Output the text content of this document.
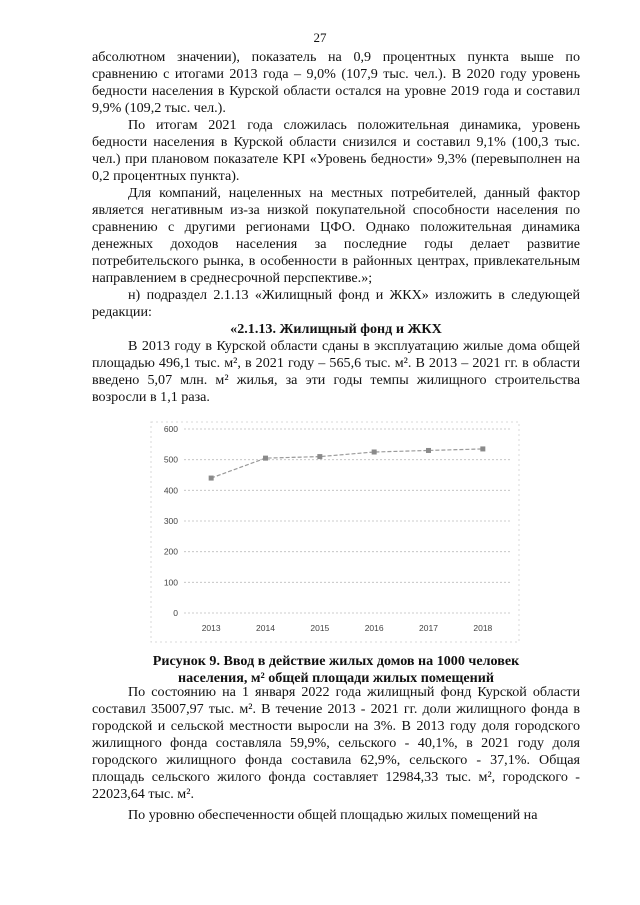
27

абсолютном значении), показатель на 0,9 процентных пункта выше по сравнению с итогами 2013 года – 9,0% (107,9 тыс. чел.). В 2020 году уровень бедности населения в Курской области остался на уровне 2019 года и составил 9,9% (109,2 тыс. чел.).

По итогам 2021 года сложилась положительная динамика, уровень бедности населения в Курской области снизился и составил 9,1% (100,3 тыс. чел.) при плановом показателе KPI «Уровень бедности» 9,3% (перевыполнен на 0,2 процентных пункта).

Для компаний, нацеленных на местных потребителей, данный фактор является негативным из-за низкой покупательной способности населения по сравнению с другими регионами ЦФО. Однако положительная динамика денежных доходов населения за последние годы делает развитие потребительского рынка, в особенности в районных центрах, привлекательным направлением в среднесрочной перспективе.»;

н) подраздел 2.1.13 «Жилищный фонд и ЖКХ» изложить в следующей редакции:

«2.1.13. Жилищный фонд и ЖКХ

В 2013 году в Курской области сданы в эксплуатацию жилые дома общей площадью 496,1 тыс. м², в 2021 году – 565,6 тыс. м². В 2013 – 2021 гг. в области введено 5,07 млн. м² жилья, за эти годы темпы жилищного строительства возросли в 1,1 раза.

0
100
200
300
400
500
600
2013	2014	2015	2016	2017	2018
Рисунок 9. Ввод в действие жилых домов на 1000 человек
населения, м² общей площади жилых помещений

По состоянию на 1 января 2022 года жилищный фонд Курской области составил 35007,97 тыс. м². В течение 2013 - 2021 гг. доли жилищного фонда в городской и сельской местности выросли на 3%. В 2013 году доля городского жилищного фонда составляла 59,9%, сельского - 40,1%, в 2021 году доля городского жилищного фонда составила 62,9%, сельского - 37,1%. Общая площадь сельского жилого фонда составляет 12984,33 тыс. м², городского - 22023,64 тыс. м².

По уровню обеспеченности общей площадью жилых помещений на
